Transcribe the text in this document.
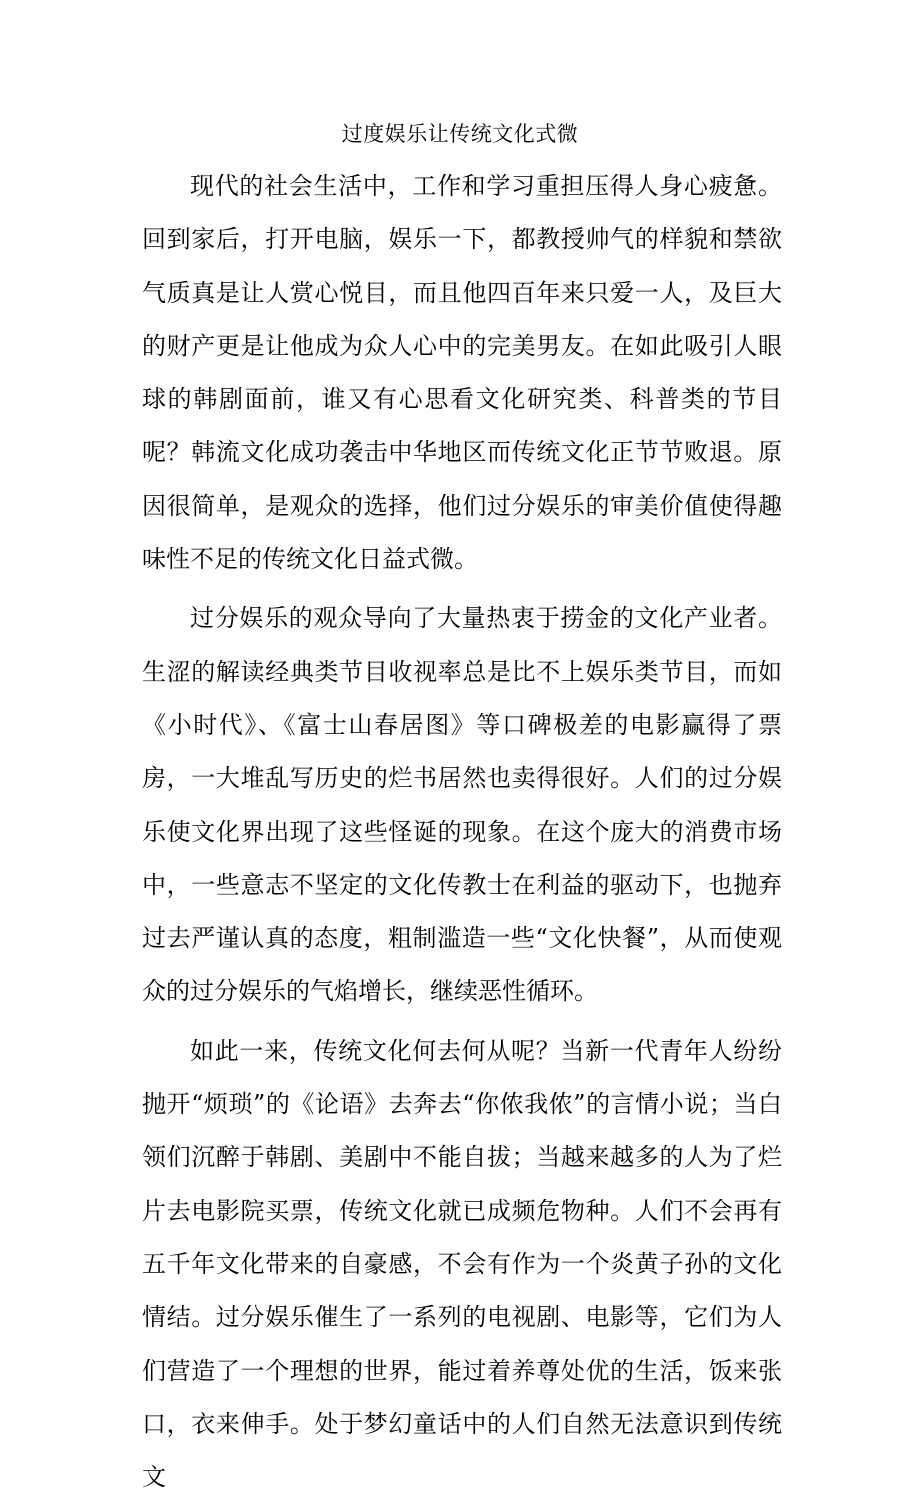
过度娱乐让传统文化式微

现代的社会生活中，工作和学习重担压得人身心疲惫。回到家后，打开电脑，娱乐一下，都教授帅气的样貌和禁欲气质真是让人赏心悦目，而且他四百年来只爱一人，及巨大的财产更是让他成为众人心中的完美男友。在如此吸引人眼球的韩剧面前，谁又有心思看文化研究类、科普类的节目呢？韩流文化成功袭击中华地区而传统文化正节节败退。原因很简单，是观众的选择，他们过分娱乐的审美价值使得趣味性不足的传统文化日益式微。

过分娱乐的观众导向了大量热衷于捞金的文化产业者。生涩的解读经典类节目收视率总是比不上娱乐类节目，而如《小时代》、《富士山春居图》等口碑极差的电影赢得了票房，一大堆乱写历史的烂书居然也卖得很好。人们的过分娱乐使文化界出现了这些怪诞的现象。在这个庞大的消费市场中，一些意志不坚定的文化传教士在利益的驱动下，也抛弃过去严谨认真的态度，粗制滥造一些“文化快餐”，从而使观众的过分娱乐的气焰增长，继续恶性循环。

如此一来，传统文化何去何从呢？当新一代青年人纷纷抛开“烦琐”的《论语》去奔去“你侬我侬”的言情小说；当白领们沉醉于韩剧、美剧中不能自拔；当越来越多的人为了烂片去电影院买票，传统文化就已成频危物种。人们不会再有五千年文化带来的自豪感，不会有作为一个炎黄子孙的文化情结。过分娱乐催生了一系列的电视剧、电影等，它们为人们营造了一个理想的世界，能过着养尊处优的生活，饭来张口，衣来伸手。处于梦幻童话中的人们自然无法意识到传统文
